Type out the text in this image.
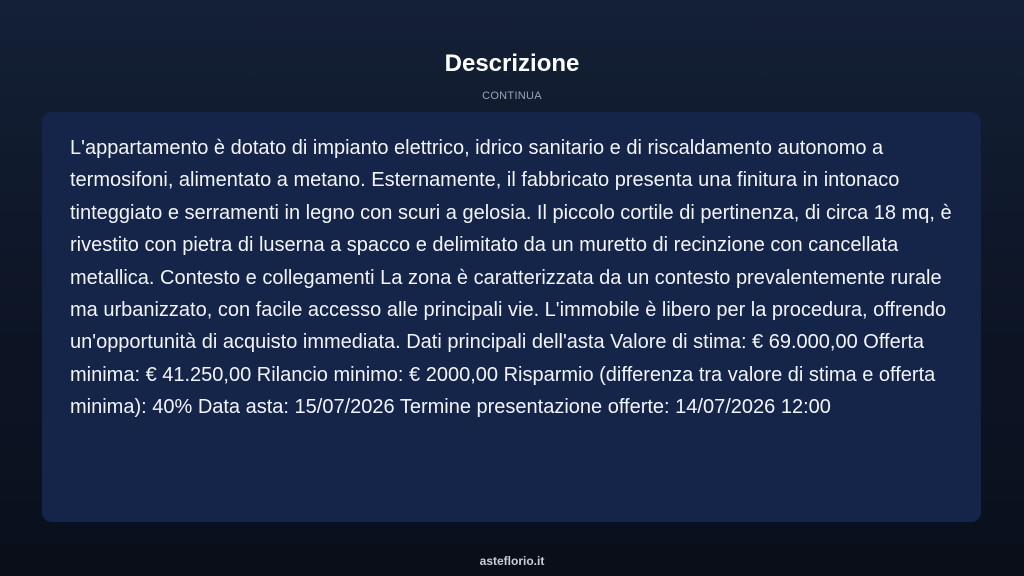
Descrizione
CONTINUA

L'appartamento è dotato di impianto elettrico, idrico sanitario e di riscaldamento autonomo a termosifoni, alimentato a metano. Esternamente, il fabbricato presenta una finitura in intonaco tinteggiato e serramenti in legno con scuri a gelosia. Il piccolo cortile di pertinenza, di circa 18 mq, è rivestito con pietra di luserna a spacco e delimitato da un muretto di recinzione con cancellata metallica. Contesto e collegamenti La zona è caratterizzata da un contesto prevalentemente rurale ma urbanizzato, con facile accesso alle principali vie. L'immobile è libero per la procedura, offrendo un'opportunità di acquisto immediata. Dati principali dell'asta Valore di stima: € 69.000,00 Offerta minima: € 41.250,00 Rilancio minimo: € 2000,00 Risparmio (differenza tra valore di stima e offerta minima): 40% Data asta: 15/07/2026 Termine presentazione offerte: 14/07/2026 12:00

asteflorio.it
